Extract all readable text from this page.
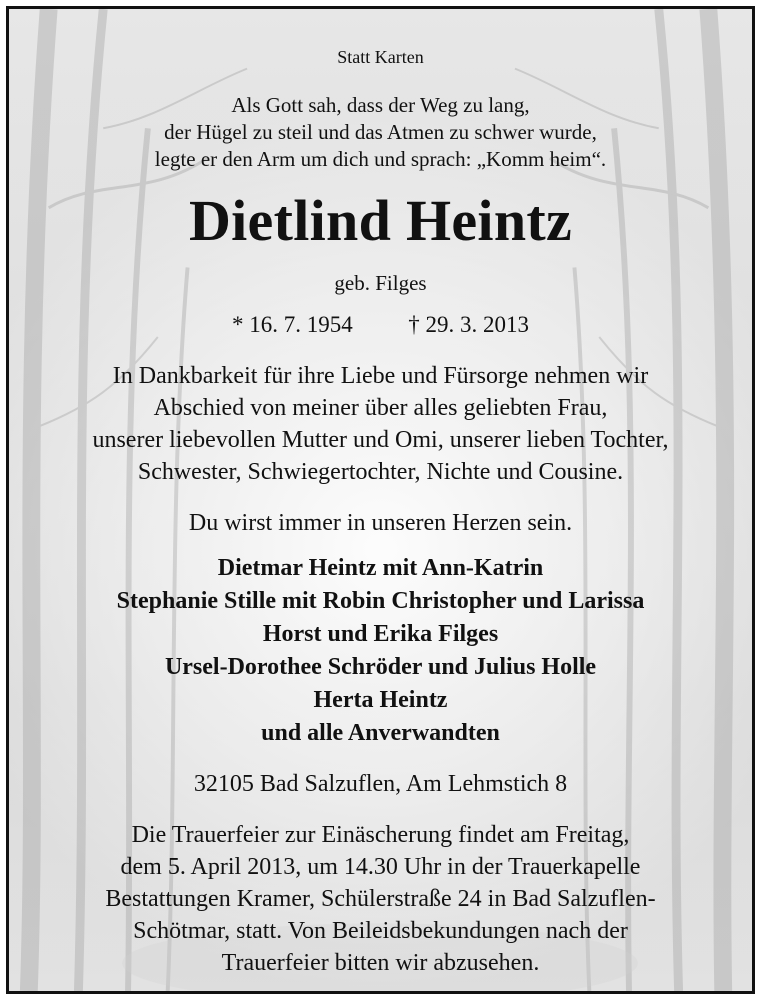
Statt Karten
Als Gott sah, dass der Weg zu lang,
der Hügel zu steil und das Atmen zu schwer wurde,
legte er den Arm um dich und sprach: „Komm heim“.
Dietlind Heintz
geb. Filges
* 16. 7. 1954 † 29. 3. 2013
In Dankbarkeit für ihre Liebe und Fürsorge nehmen wir
Abschied von meiner über alles geliebten Frau,
unserer liebevollen Mutter und Omi, unserer lieben Tochter,
Schwester, Schwiegertochter, Nichte und Cousine.
Du wirst immer in unseren Herzen sein.
Dietmar Heintz mit Ann-Katrin
Stephanie Stille mit Robin Christopher und Larissa
Horst und Erika Filges
Ursel-Dorothee Schröder und Julius Holle
Herta Heintz
und alle Anverwandten
32105 Bad Salzuflen, Am Lehmstich 8
Die Trauerfeier zur Einäscherung findet am Freitag,
dem 5. April 2013, um 14.30 Uhr in der Trauerkapelle
Bestattungen Kramer, Schülerstraße 24 in Bad Salzuflen-
Schötmar, statt. Von Beileidsbekundungen nach der
Trauerfeier bitten wir abzusehen.
